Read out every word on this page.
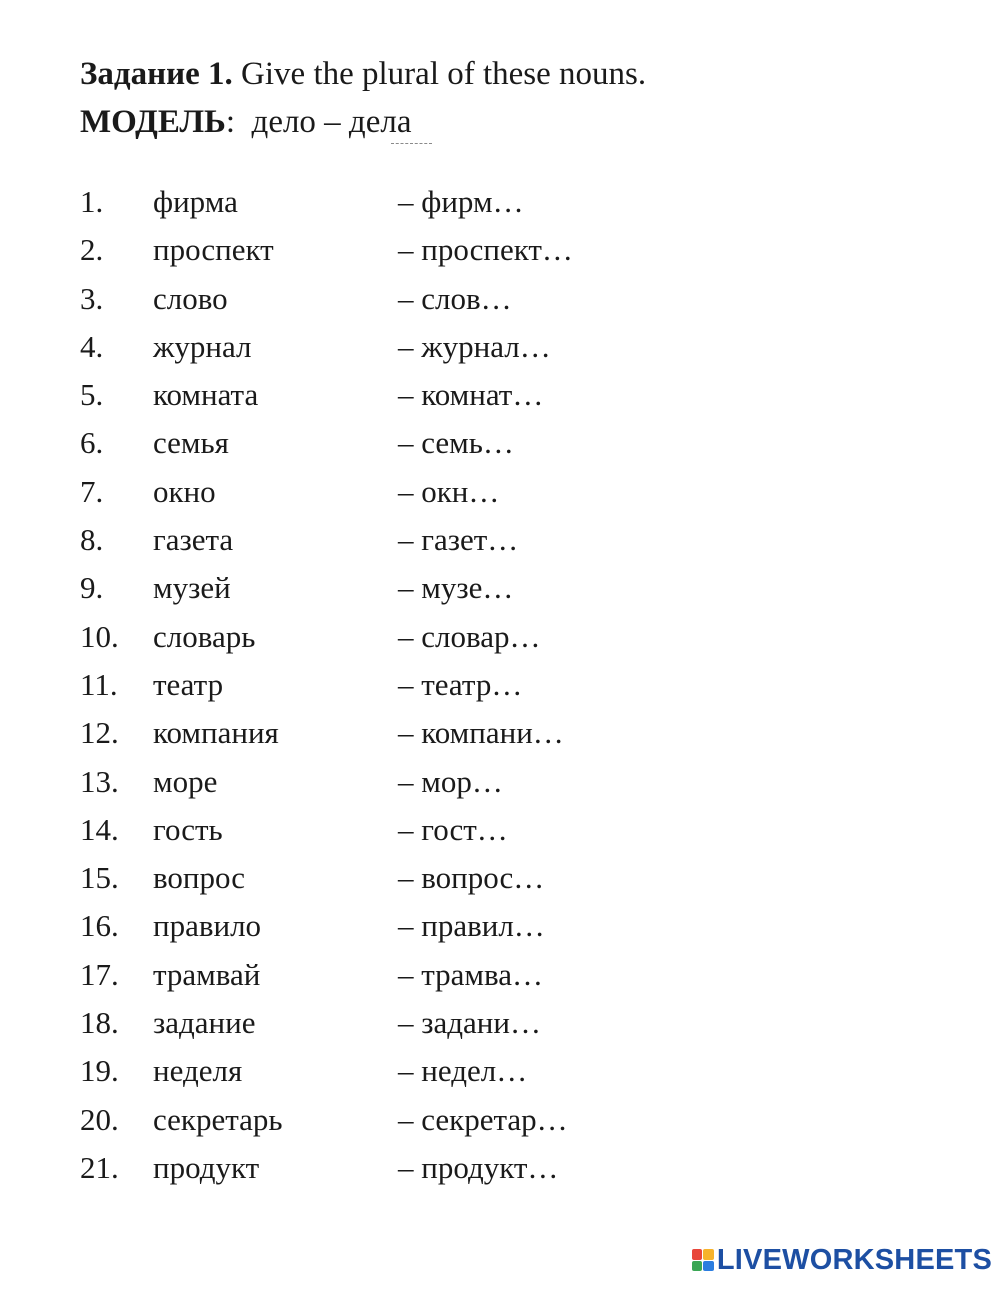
Задание 1. Give the plural of these nouns.
МОДЕЛЬ: дело – дела
1. фирма	– фирм…
2. проспект	– проспект…
3. слово	– слов…
4. журнал	– журнал…
5. комната	– комнат…
6. семья	– семь…
7. окно	– окн…
8. газета	– газет…
9. музей	– музе…
10. словарь	– словар…
11. театр	– театр…
12. компания	– компани…
13. море	– мор…
14. гость	– гост…
15. вопрос	– вопрос…
16. правило	– правил…
17. трамвай	– трамва…
18. задание	– задани…
19. неделя	– недел…
20. секретарь	– секретар…
21. продукт	– продукт…
LIVEWORKSHEETS
